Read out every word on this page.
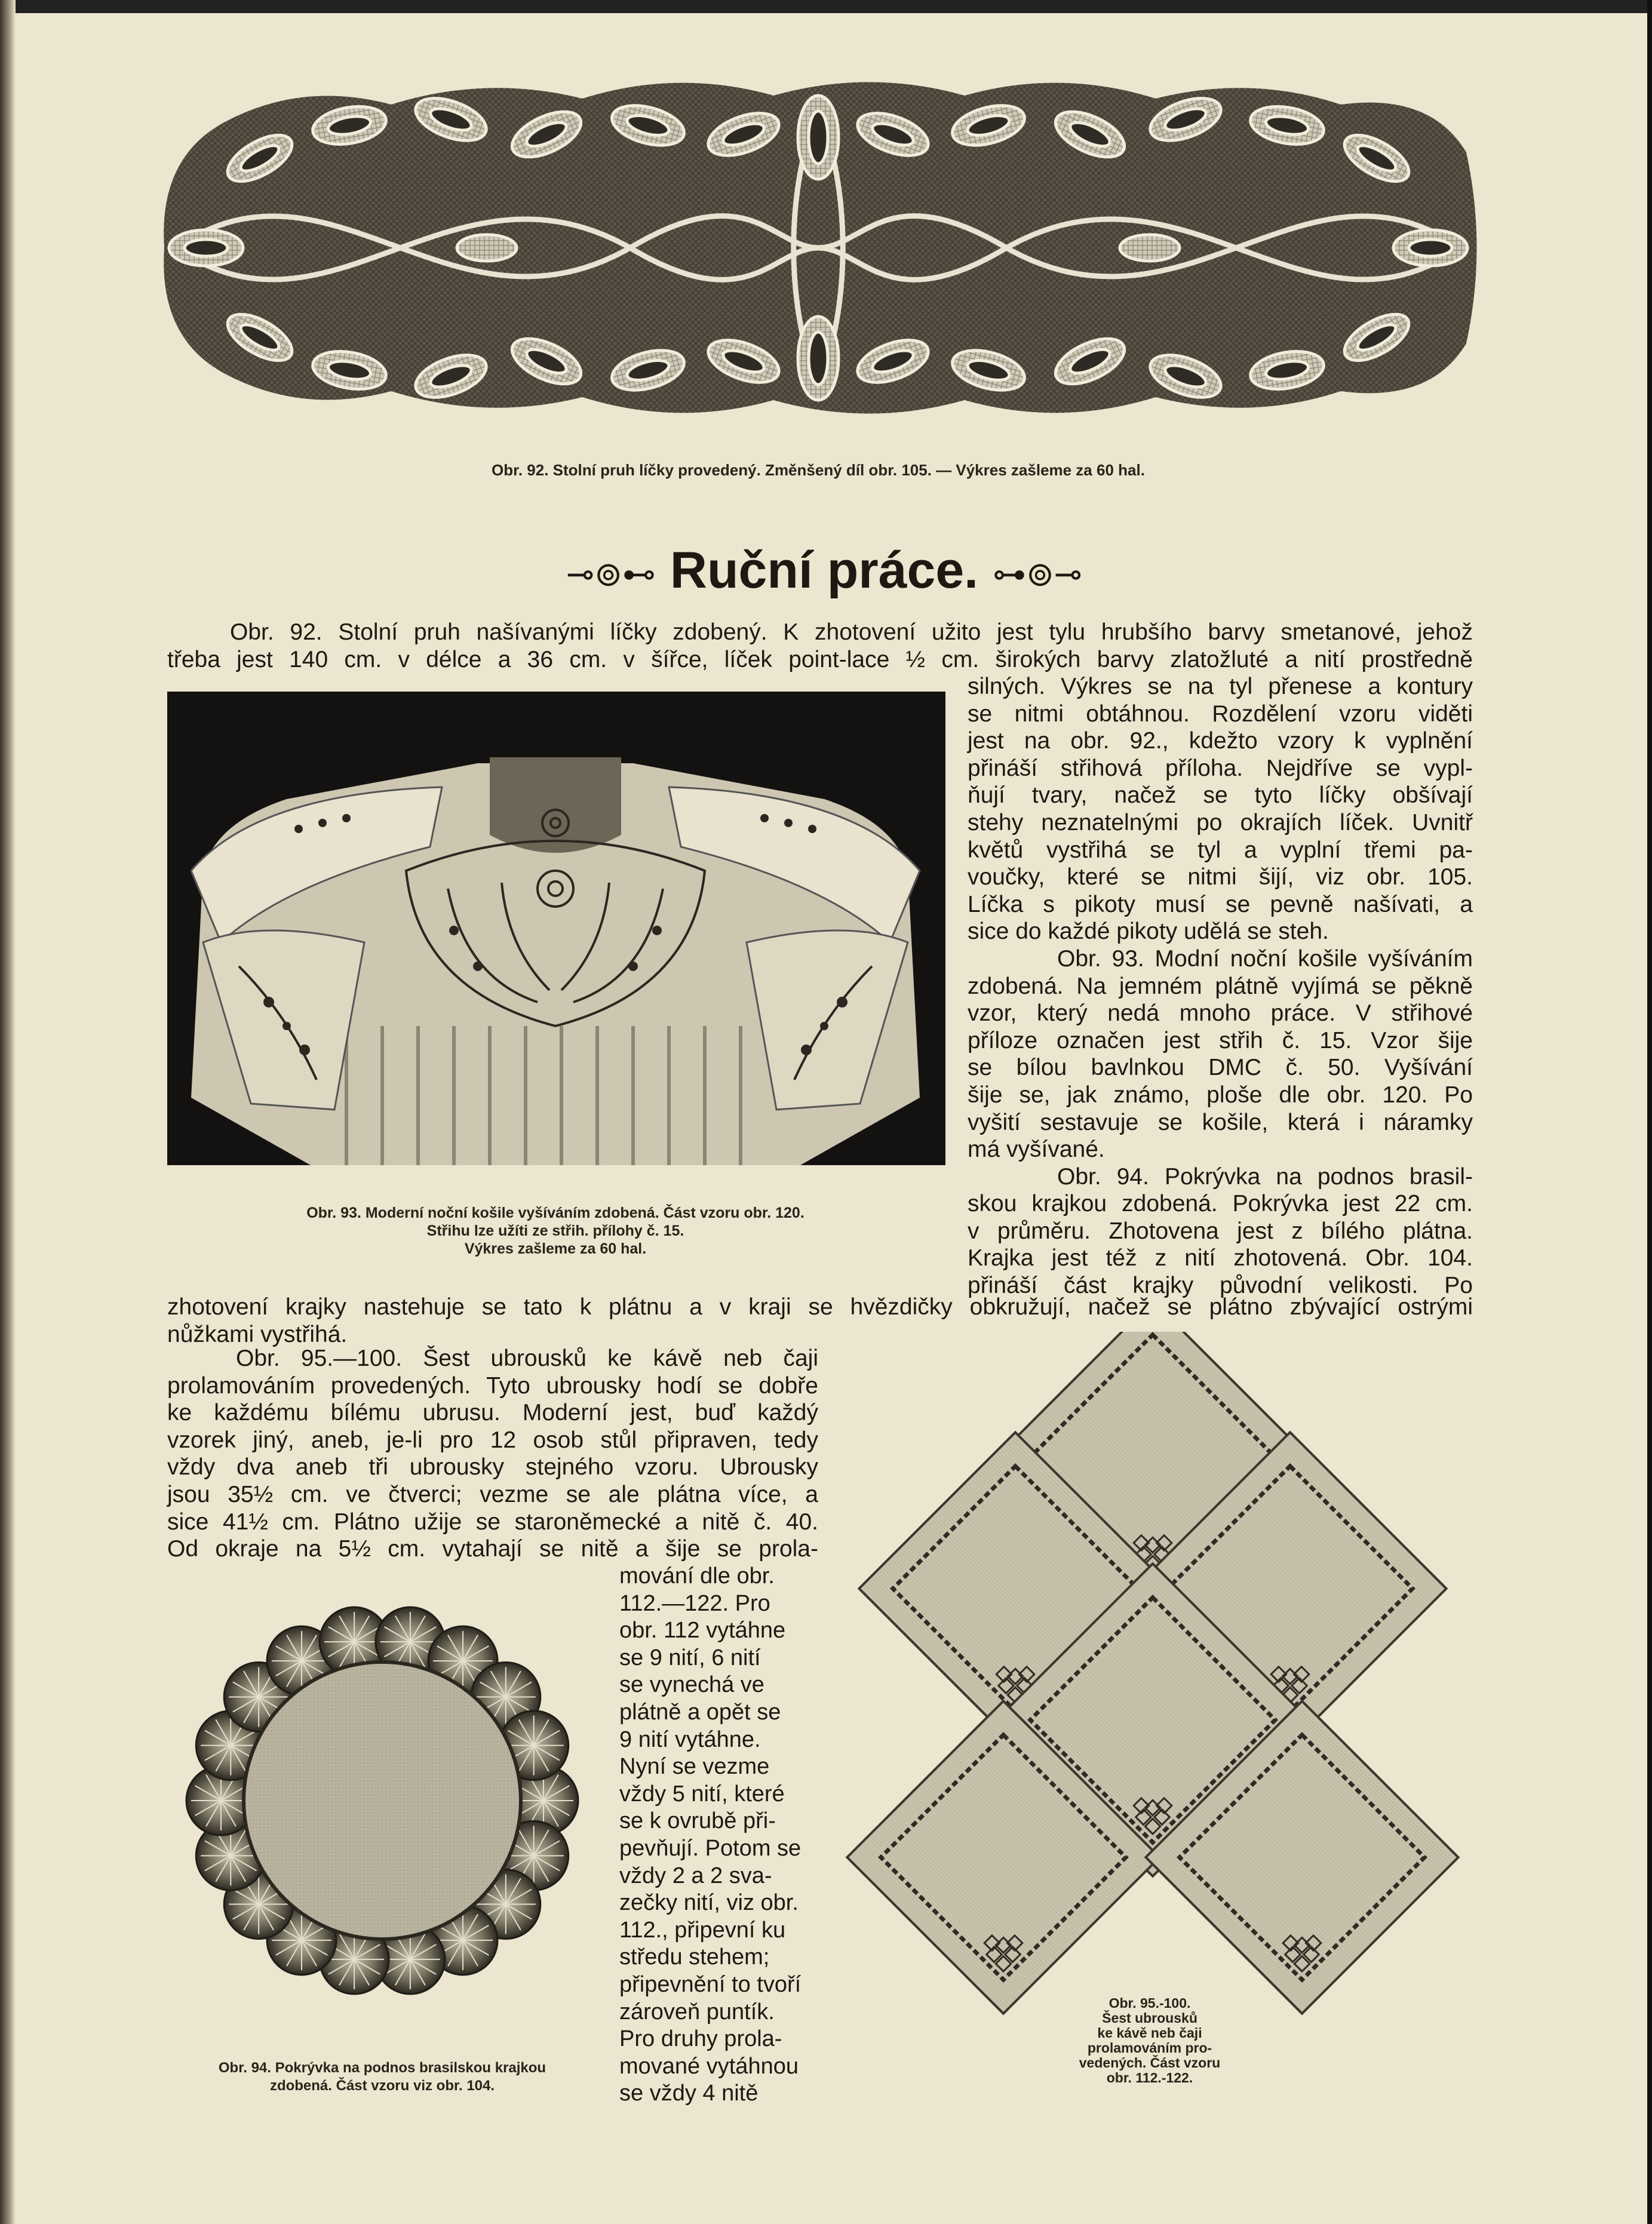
Obr. 92. Stolní pruh líčky provedený. Změnšený díl obr. 105. — Výkres zašleme za 60 hal.
⊸⊚⊷ Ruční práce. ⊶⊚⊸
Obr. 92. Stolní pruh našívanými líčky zdobený. K zhotovení užito jest tylu hrubšího barvy smetanové, jehož
třeba jest 140 cm. v délce a 36 cm. v šířce, líček point-lace ½ cm. širokých barvy zlatožluté a nití prostředně
Obr. 93. Moderní noční košile vyšíváním zdobená. Část vzoru obr. 120.
Střihu lze užíti ze střih. přílohy č. 15.
Výkres zašleme za 60 hal.
silných. Výkres se na tyl přenese a kontury
se nitmi obtáhnou. Rozdělení vzoru viděti
jest na obr. 92., kdežto vzory k vyplnění
přináší střihová příloha. Nejdříve se vypl-
ňují tvary, načež se tyto líčky obšívají
stehy neznatelnými po okrajích líček. Uvnitř
květů vystřihá se tyl a vyplní třemi pa-
voučky, které se nitmi šijí, viz obr. 105.
Líčka s pikoty musí se pevně našívati, a
sice do každé pikoty udělá se steh.
Obr. 93. Modní noční košile vyšíváním
zdobená. Na jemném plátně vyjímá se pěkně
vzor, který nedá mnoho práce. V střihové
příloze označen jest střih č. 15. Vzor šije
se bílou bavlnkou DMC č. 50. Vyšívání
šije se, jak známo, ploše dle obr. 120. Po
vyšití sestavuje se košile, která i náramky
má vyšívané.
Obr. 94. Pokrývka na podnos brasil-
skou krajkou zdobená. Pokrývka jest 22 cm.
v průměru. Zhotovena jest z bílého plátna.
Krajka jest též z nití zhotovená. Obr. 104.
přináší část krajky původní velikosti. Po
zhotovení krajky nastehuje se tato k plátnu a v kraji se hvězdičky obkružují, načež se plátno zbývající ostrými
nůžkami vystřihá.
Obr. 95.—100. Šest ubrousků ke kávě neb čaji
prolamováním provedených. Tyto ubrousky hodí se dobře
ke každému bílému ubrusu. Moderní jest, buď každý
vzorek jiný, aneb, je-li pro 12 osob stůl připraven, tedy
vždy dva aneb tři ubrousky stejného vzoru. Ubrousky
jsou 35½ cm. ve čtverci; vezme se ale plátna více, a
sice 41½ cm. Plátno užije se staroněmecké a nitě č. 40.
Od okraje na 5½ cm. vytahají se nitě a šije se prola-
mování dle obr.
112.—122. Pro
obr. 112 vytáhne
se 9 nití, 6 nití
se vynechá ve
plátně a opět se
9 nití vytáhne.
Nyní se vezme
vždy 5 nití, které
se k ovrubě při-
pevňují. Potom se
vždy 2 a 2 sva-
zečky nití, viz obr.
112., připevní ku
středu stehem;
připevnění to tvoří
zároveň puntík.
Pro druhy prola-
mované vytáhnou
se vždy 4 nitě
Obr. 94. Pokrývka na podnos brasilskou krajkou
zdobená. Část vzoru viz obr. 104.
Obr. 95.-100.
Šest ubrousků
ke kávě neb čaji
prolamováním pro-
vedených. Část vzoru
obr. 112.-122.
